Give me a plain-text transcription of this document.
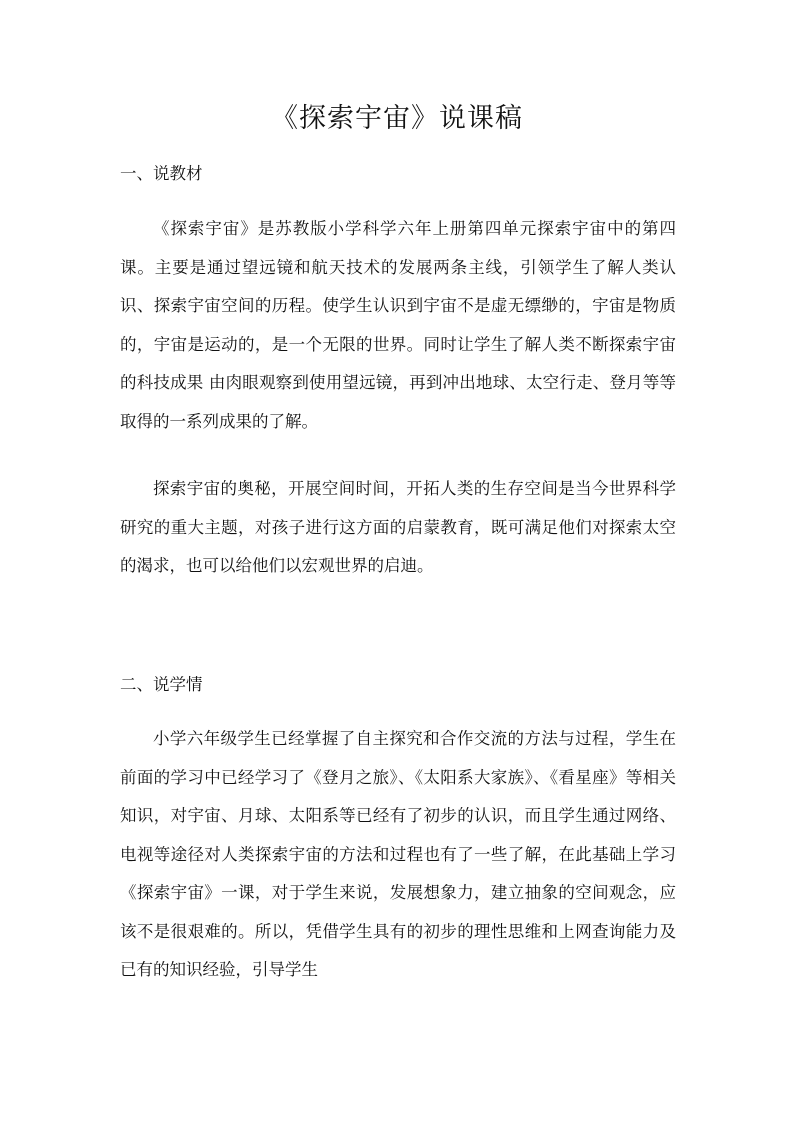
《探索宇宙》说课稿
一、说教材

《探索宇宙》是苏教版小学科学六年上册第四单元探索宇宙中的第四课。主要是通过望远镜和航天技术的发展两条主线，引领学生了解人类认识、探索宇宙空间的历程。使学生认识到宇宙不是虚无缥缈的，宇宙是物质的，宇宙是运动的，是一个无限的世界。同时让学生了解人类不断探索宇宙的科技成果 由肉眼观察到使用望远镜，再到冲出地球、太空行走、登月等等取得的一系列成果的了解。

探索宇宙的奥秘，开展空间时间，开拓人类的生存空间是当今世界科学研究的重大主题，对孩子进行这方面的启蒙教育，既可满足他们对探索太空的渴求，也可以给他们以宏观世界的启迪。

二、说学情

小学六年级学生已经掌握了自主探究和合作交流的方法与过程，学生在前面的学习中已经学习了《登月之旅》、《太阳系大家族》、《看星座》等相关知识，对宇宙、月球、太阳系等已经有了初步的认识，而且学生通过网络、电视等途径对人类探索宇宙的方法和过程也有了一些了解，在此基础上学习《探索宇宙》一课，对于学生来说，发展想象力，建立抽象的空间观念，应该不是很艰难的。所以，凭借学生具有的初步的理性思维和上网查询能力及已有的知识经验，引导学生
